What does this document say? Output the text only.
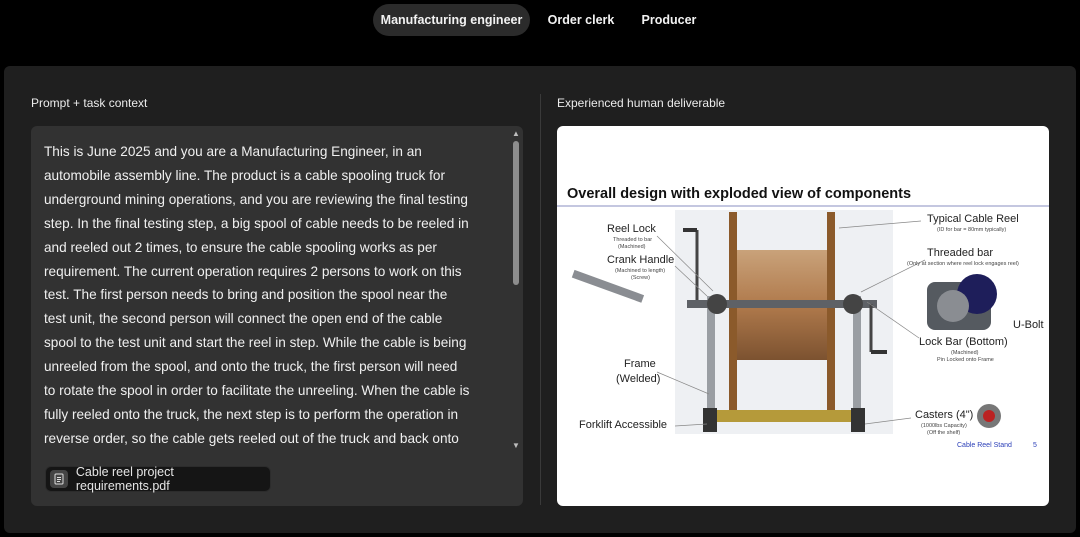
Manufacturing engineer	Order clerk	Producer
Prompt + task context	Experienced human deliverable
This is June 2025 and you are a Manufacturing Engineer, in an
automobile assembly line. The product is a cable spooling truck for
underground mining operations, and you are reviewing the final testing
step. In the final testing step, a big spool of cable needs to be reeled in
and reeled out 2 times, to ensure the cable spooling works as per
requirement. The current operation requires 2 persons to work on this
test. The first person needs to bring and position the spool near the
test unit, the second person will connect the open end of the cable
spool to the test unit and start the reel in step. While the cable is being
unreeled from the spool, and onto the truck, the first person will need
to rotate the spool in order to facilitate the unreeling. When the cable is
fully reeled onto the truck, the next step is to perform the operation in
reverse order, so the cable gets reeled out of the truck and back onto
▲
▼
Cable reel project requirements.pdf
Overall design with exploded view of components
Reel Lock
Threaded to bar
(Machined)
Crank Handle
(Machined to length)
(Screw)
Typical Cable Reel
(ID for bar = 80mm typically)
Threaded bar
(Only at section where reel lock engages reel)
U-Bolt
Lock Bar (Bottom)
(Machined)
Pin Locked onto Frame
Frame
(Welded)
Forklift Accessible
Casters (4")
(1000lbs Capacity)
(Off the shelf)
Cable Reel Stand	5
